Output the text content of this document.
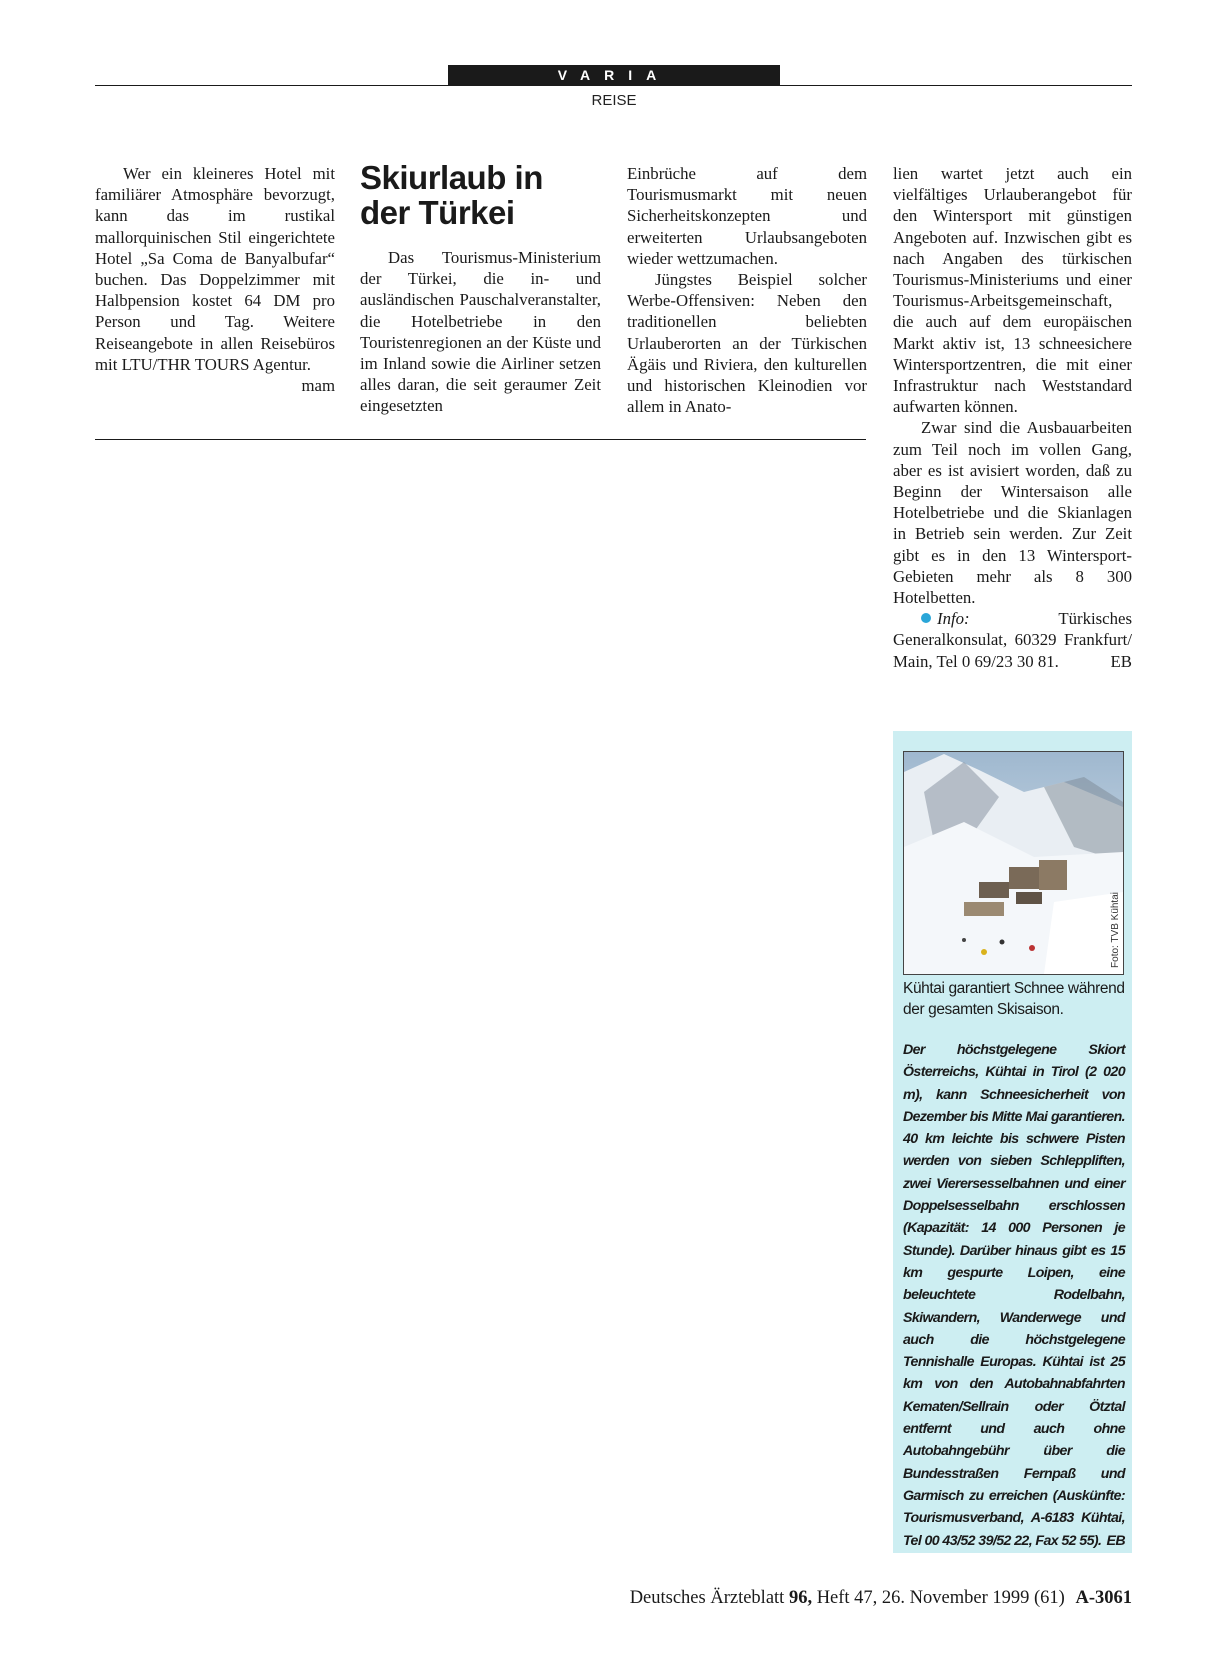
VARIA
REISE

Wer ein kleineres Hotel mit familiärer Atmosphäre bevorzugt, kann das im rustikal mallorquinischen Stil eingerichtete Hotel „Sa Coma de Banyalbufar“ buchen. Das Doppelzimmer mit Halbpension kostet 64 DM pro Person und Tag. Weitere Reiseangebote in allen Reisebüros mit LTU/THR TOURS Agentur.
mam

Skiurlaub in der Türkei

Das Tourismus-Ministerium der Türkei, die in- und ausländischen Pauschalveranstalter, die Hotelbetriebe in den Touristenregionen an der Küste und im Inland sowie die Airliner setzen alles daran, die seit geraumer Zeit eingesetzten

Einbrüche auf dem Tourismusmarkt mit neuen Sicherheitskonzepten und erweiterten Urlaubsangeboten wieder wettzumachen.

Jüngstes Beispiel solcher Werbe-Offensiven: Neben den traditionellen beliebten Urlauberorten an der Türkischen Ägäis und Riviera, den kulturellen und historischen Kleinodien vor allem in Anato-

lien wartet jetzt auch ein vielfältiges Urlauberangebot für den Wintersport mit günstigen Angeboten auf. Inzwischen gibt es nach Angaben des türkischen Tourismus-Ministeriums und einer Tourismus-Arbeitsgemeinschaft, die auch auf dem europäischen Markt aktiv ist, 13 schneesichere Wintersportzentren, die mit einer Infrastruktur nach Weststandard aufwarten können.

Zwar sind die Ausbauarbeiten zum Teil noch im vollen Gang, aber es ist avisiert worden, daß zu Beginn der Wintersaison alle Hotelbetriebe und die Skianlagen in Betrieb sein werden. Zur Zeit gibt es in den 13 Wintersport-Gebieten mehr als 8 300 Hotelbetten.

Info:	Türkisches Generalkonsulat, 60329 Frankfurt/ Main, Tel 0 69/23 30 81.	EB

Foto: TVB Kühtai
Kühtai garantiert Schnee während der gesamten Skisaison.
Der höchstgelegene Skiort Österreichs, Kühtai in Tirol (2 020 m), kann Schneesicherheit von Dezember bis Mitte Mai garantieren. 40 km leichte bis schwere Pisten werden von sieben Schleppliften, zwei Vierersesselbahnen und einer Doppelsesselbahn erschlossen (Kapazität: 14 000 Personen je Stunde). Darüber hinaus gibt es 15 km gespurte Loipen, eine beleuchtete Rodelbahn, Skiwandern, Wanderwege und auch die höchstgelegene Tennishalle Europas. Kühtai ist 25 km von den Autobahnabfahrten Kematen/Sellrain oder Ötztal entfernt und auch ohne Autobahngebühr über die Bundesstraßen Fernpaß und Garmisch zu erreichen (Auskünfte: Tourismusverband, A-6183 Kühtai, Tel 00 43/52 39/52 22, Fax 52 55). EB
Deutsches Ärzteblatt 96, Heft 47, 26. November 1999 (61) A-3061
